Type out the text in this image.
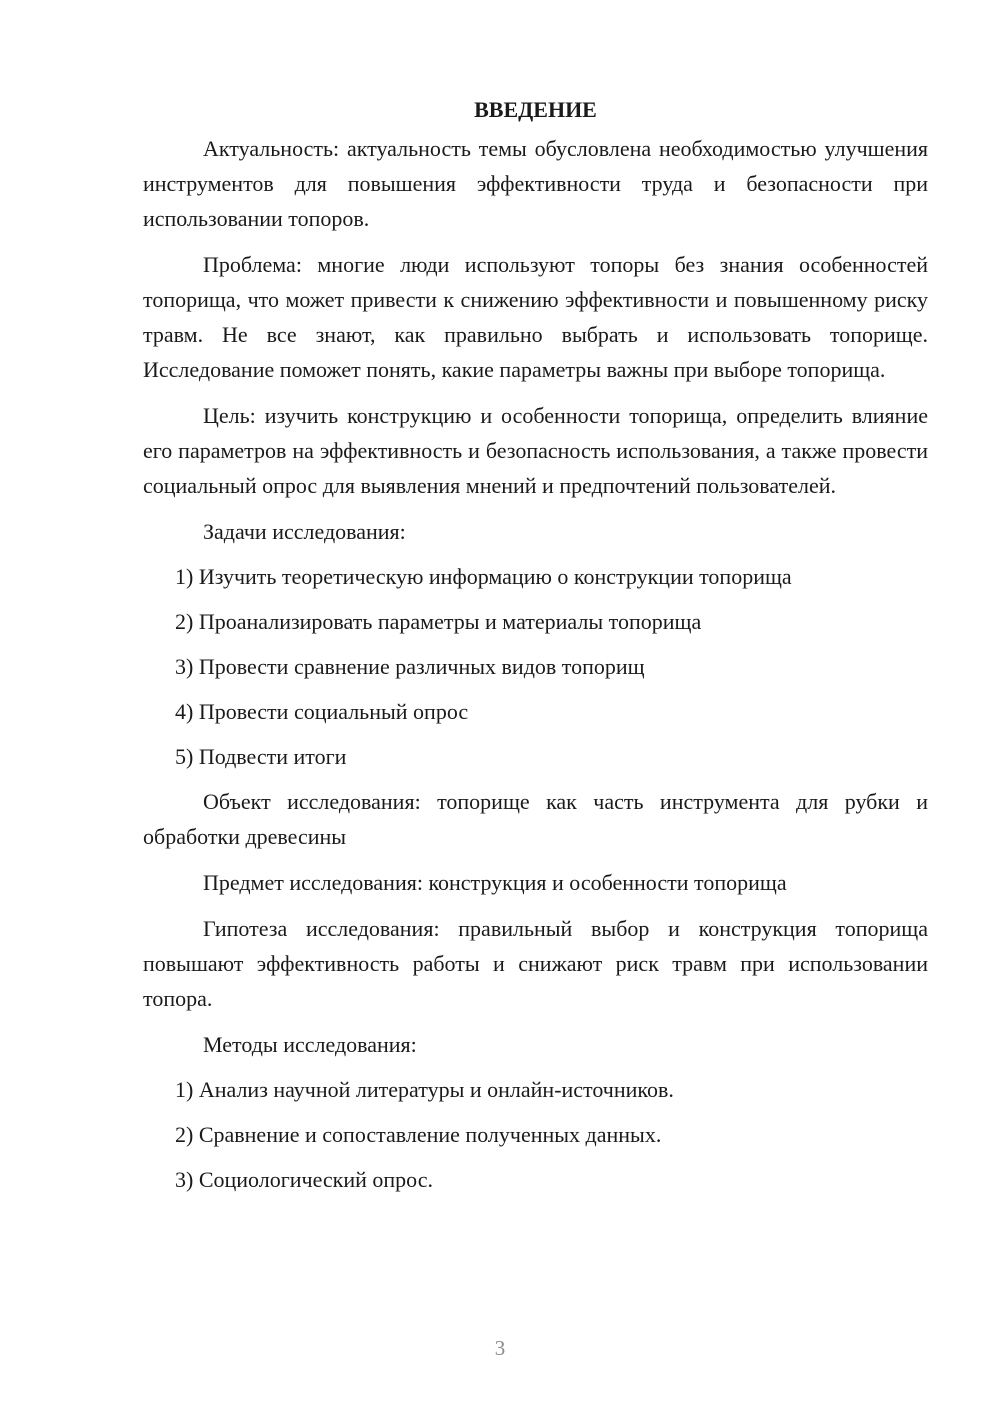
ВВЕДЕНИЕ

Актуальность: актуальность темы обусловлена необходимостью улучшения инструментов для повышения эффективности труда и безопасности при использовании топоров.

Проблема: многие люди используют топоры без знания особенностей топорища, что может привести к снижению эффективности и повышенному риску травм. Не все знают, как правильно выбрать и использовать топорище. Исследование поможет понять, какие параметры важны при выборе топорища.

Цель: изучить конструкцию и особенности топорища, определить влияние его параметров на эффективность и безопасность использования, а также провести социальный опрос для выявления мнений и предпочтений пользователей.

Задачи исследования:
1) Изучить теоретическую информацию о конструкции топорища
2) Проанализировать параметры и материалы топорища
3) Провести сравнение различных видов топорищ
4) Провести социальный опрос
5) Подвести итоги

Объект исследования: топорище как часть инструмента для рубки и обработки древесины

Предмет исследования: конструкция и особенности топорища

Гипотеза исследования: правильный выбор и конструкция топорища повышают эффективность работы и снижают риск травм при использовании топора.

Методы исследования:
1) Анализ научной литературы и онлайн-источников.
2) Сравнение и сопоставление полученных данных.
3) Социологический опрос.
3
